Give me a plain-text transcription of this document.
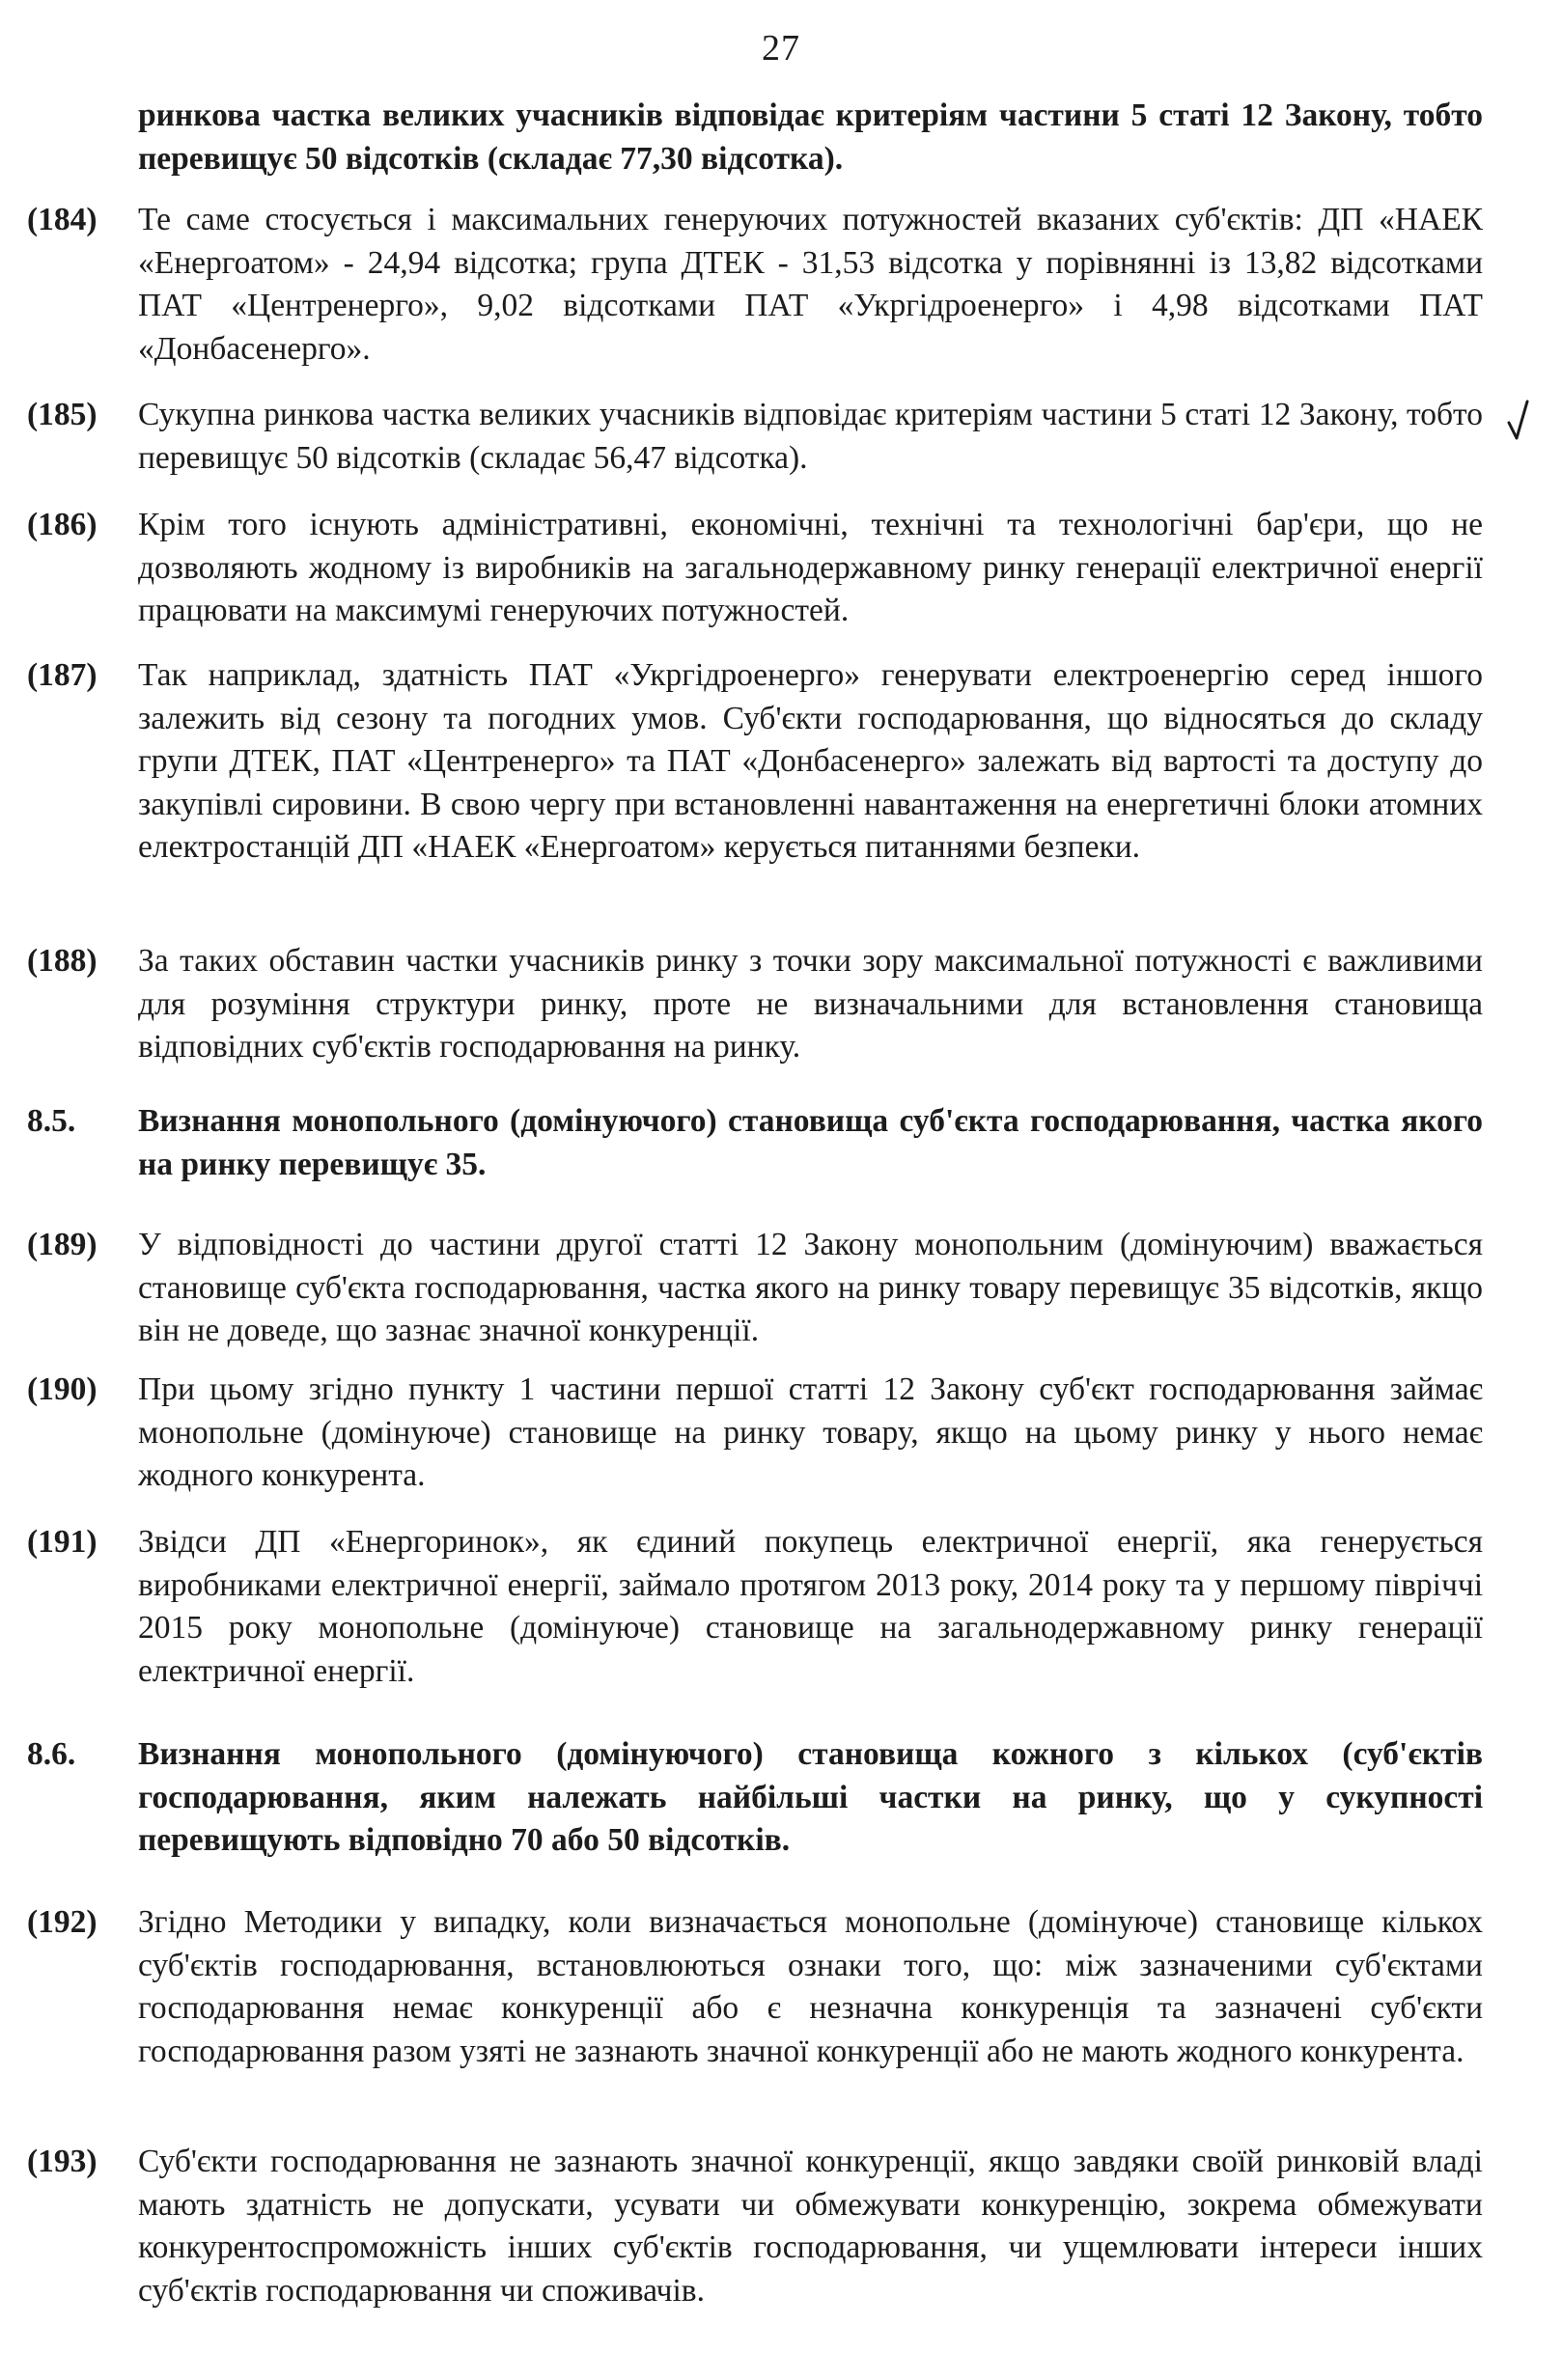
27
ринкова частка великих учасників відповідає критеріям частини 5 статі 12 Закону, тобто перевищує 50 відсотків (складає 77,30 відсотка).
(184) Те саме стосується і максимальних генеруючих потужностей вказаних суб'єктів: ДП «НАЕК «Енергоатом» - 24,94 відсотка; група ДТЕК - 31,53 відсотка у порівнянні із 13,82 відсотками ПАТ «Центренерго», 9,02 відсотками ПАТ «Укргідроенерго» і 4,98 відсотками ПАТ «Донбасенерго».
(185) Сукупна ринкова частка великих учасників відповідає критеріям частини 5 статі 12 Закону, тобто перевищує 50 відсотків (складає 56,47 відсотка).
(186) Крім того існують адміністративні, економічні, технічні та технологічні бар'єри, що не дозволяють жодному із виробників на загальнодержавному ринку генерації електричної енергії працювати на максимумі генеруючих потужностей.
(187) Так наприклад, здатність ПАТ «Укргідроенерго» генерувати електроенергію серед іншого залежить від сезону та погодних умов. Суб'єкти господарювання, що відносяться до складу групи ДТЕК, ПАТ «Центренерго» та ПАТ «Донбасенерго» залежать від вартості та доступу до закупівлі сировини. В свою чергу при встановленні навантаження на енергетичні блоки атомних електростанцій ДП «НАЕК «Енергоатом» керується питаннями безпеки.
(188) За таких обставин частки учасників ринку з точки зору максимальної потужності є важливими для розуміння структури ринку, проте не визначальними для встановлення становища відповідних суб'єктів господарювання на ринку.
8.5. Визнання монопольного (домінуючого) становища суб'єкта господарювання, частка якого на ринку перевищує 35.
(189) У відповідності до частини другої статті 12 Закону монопольним (домінуючим) вважається становище суб'єкта господарювання, частка якого на ринку товару перевищує 35 відсотків, якщо він не доведе, що зазнає значної конкуренції.
(190) При цьому згідно пункту 1 частини першої статті 12 Закону суб'єкт господарювання займає монопольне (домінуюче) становище на ринку товару, якщо на цьому ринку у нього немає жодного конкурента.
(191) Звідси ДП «Енергоринок», як єдиний покупець електричної енергії, яка генерується виробниками електричної енергії, займало протягом 2013 року, 2014 року та у першому півріччі 2015 року монопольне (домінуюче) становище на загальнодержавному ринку генерації електричної енергії.
8.6. Визнання монопольного (домінуючого) становища кожного з кількох (суб'єктів господарювання, яким належать найбільші частки на ринку, що у сукупності перевищують відповідно 70 або 50 відсотків.
(192) Згідно Методики у випадку, коли визначається монопольне (домінуюче) становище кількох суб'єктів господарювання, встановлюються ознаки того, що: між зазначеними суб'єктами господарювання немає конкуренції або є незначна конкуренція та зазначені суб'єкти господарювання разом узяті не зазнають значної конкуренції або не мають жодного конкурента.
(193) Суб'єкти господарювання не зазнають значної конкуренції, якщо завдяки своїй ринковій владі мають здатність не допускати, усувати чи обмежувати конкуренцію, зокрема обмежувати конкурентоспроможність інших суб'єктів господарювання, чи ущемлювати інтереси інших суб'єктів господарювання чи споживачів.
